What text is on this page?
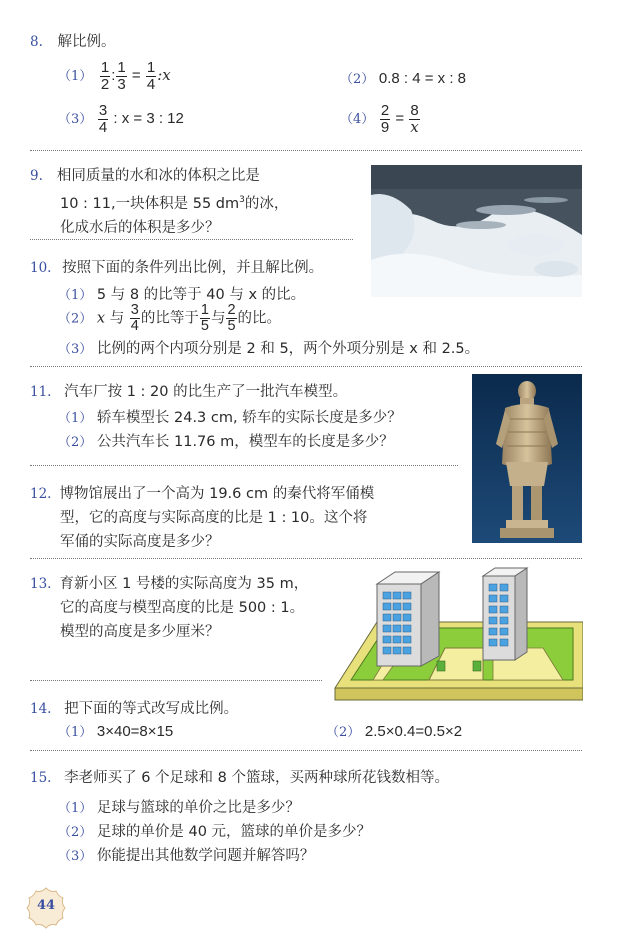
8. 解比例。
$(1) \frac{1}{2}$ : $\frac{1}{3} = \frac{1}{4}$ :x	（2） 0.8 : 4 = x : 8
$(3) \frac{3}{4}$ : x = 3 : 12	$(4) \frac{2}{9} = \frac{8}{x}$
9. 相同质量的水和冰的体积之比是
10 : 11,一块体积是 55 $dm^3$的冰，
化成水后的体积是多少？
10. 按照下面的条件列出比例，并且解比例。
（1） 5 与 8 的比等于 40 与 x 的比。
（2） x 与 $\frac{3}{4}$ 的比等于 $\frac{1}{5}$ 与 $\frac{2}{5}$ 的比。
（3） 比例的两个内项分别是 2 和 5，两个外项分别是 x 和 2.5。
11. 汽车厂按 1 : 20 的比生产了一批汽车模型。
（1） 轿车模型长 24.3 cm, 轿车的实际长度是多少？
（2） 公共汽车长 11.76 m，模型车的长度是多少？
12. 博物馆展出了一个高为 19.6 cm 的秦代将军俑模
型，它的高度与实际高度的比是 1 : 10。这个将
军俑的实际高度是多少？
13. 育新小区 1 号楼的实际高度为 35 m，
它的高度与模型高度的比是 500 : 1。
模型的高度是多少厘米？
14. 把下面的等式改写成比例。
（1） 3×40=8×15	（2） 2.5×0.4=0.5×2
15. 李老师买了 6 个足球和 8 个篮球，买两种球所花钱数相等。
（1） 足球与篮球的单价之比是多少？
（2） 足球的单价是 40 元，篮球的单价是多少？
（3） 你能提出其他数学问题并解答吗？
44
